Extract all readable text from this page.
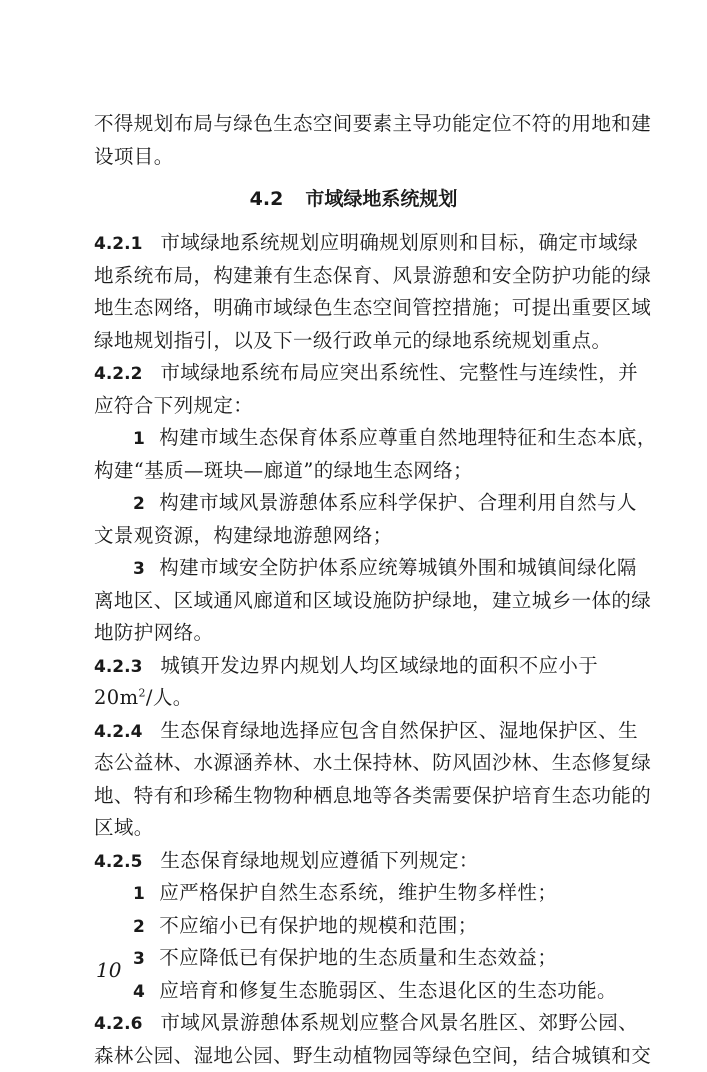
不得规划布局与绿色生态空间要素主导功能定位不符的用地和建
设项目。
4.2 市域绿地系统规划
4.2.1 市域绿地系统规划应明确规划原则和目标，确定市域绿
地系统布局，构建兼有生态保育、风景游憩和安全防护功能的绿
地生态网络，明确市域绿色生态空间管控措施；可提出重要区域
绿地规划指引，以及下一级行政单元的绿地系统规划重点。
4.2.2 市域绿地系统布局应突出系统性、完整性与连续性，并
应符合下列规定：
1 构建市域生态保育体系应尊重自然地理特征和生态本底，
构建“基质—斑块—廊道”的绿地生态网络；
2 构建市域风景游憩体系应科学保护、合理利用自然与人
文景观资源，构建绿地游憩网络；
3 构建市域安全防护体系应统筹城镇外围和城镇间绿化隔
离地区、区域通风廊道和区域设施防护绿地，建立城乡一体的绿
地防护网络。
4.2.3 城镇开发边界内规划人均区域绿地的面积不应小于
$20m^2/$人。
4.2.4 生态保育绿地选择应包含自然保护区、湿地保护区、生
态公益林、水源涵养林、水土保持林、防风固沙林、生态修复绿
地、特有和珍稀生物物种栖息地等各类需要保护培育生态功能的
区域。
4.2.5 生态保育绿地规划应遵循下列规定：
1 应严格保护自然生态系统，维护生物多样性；
2 不应缩小已有保护地的规模和范围；
3 不应降低已有保护地的生态质量和生态效益；
4 应培育和修复生态脆弱区、生态退化区的生态功能。
4.2.6 市域风景游憩体系规划应整合风景名胜区、郊野公园、
森林公园、湿地公园、野生动植物园等绿色空间，结合城镇和交
10
